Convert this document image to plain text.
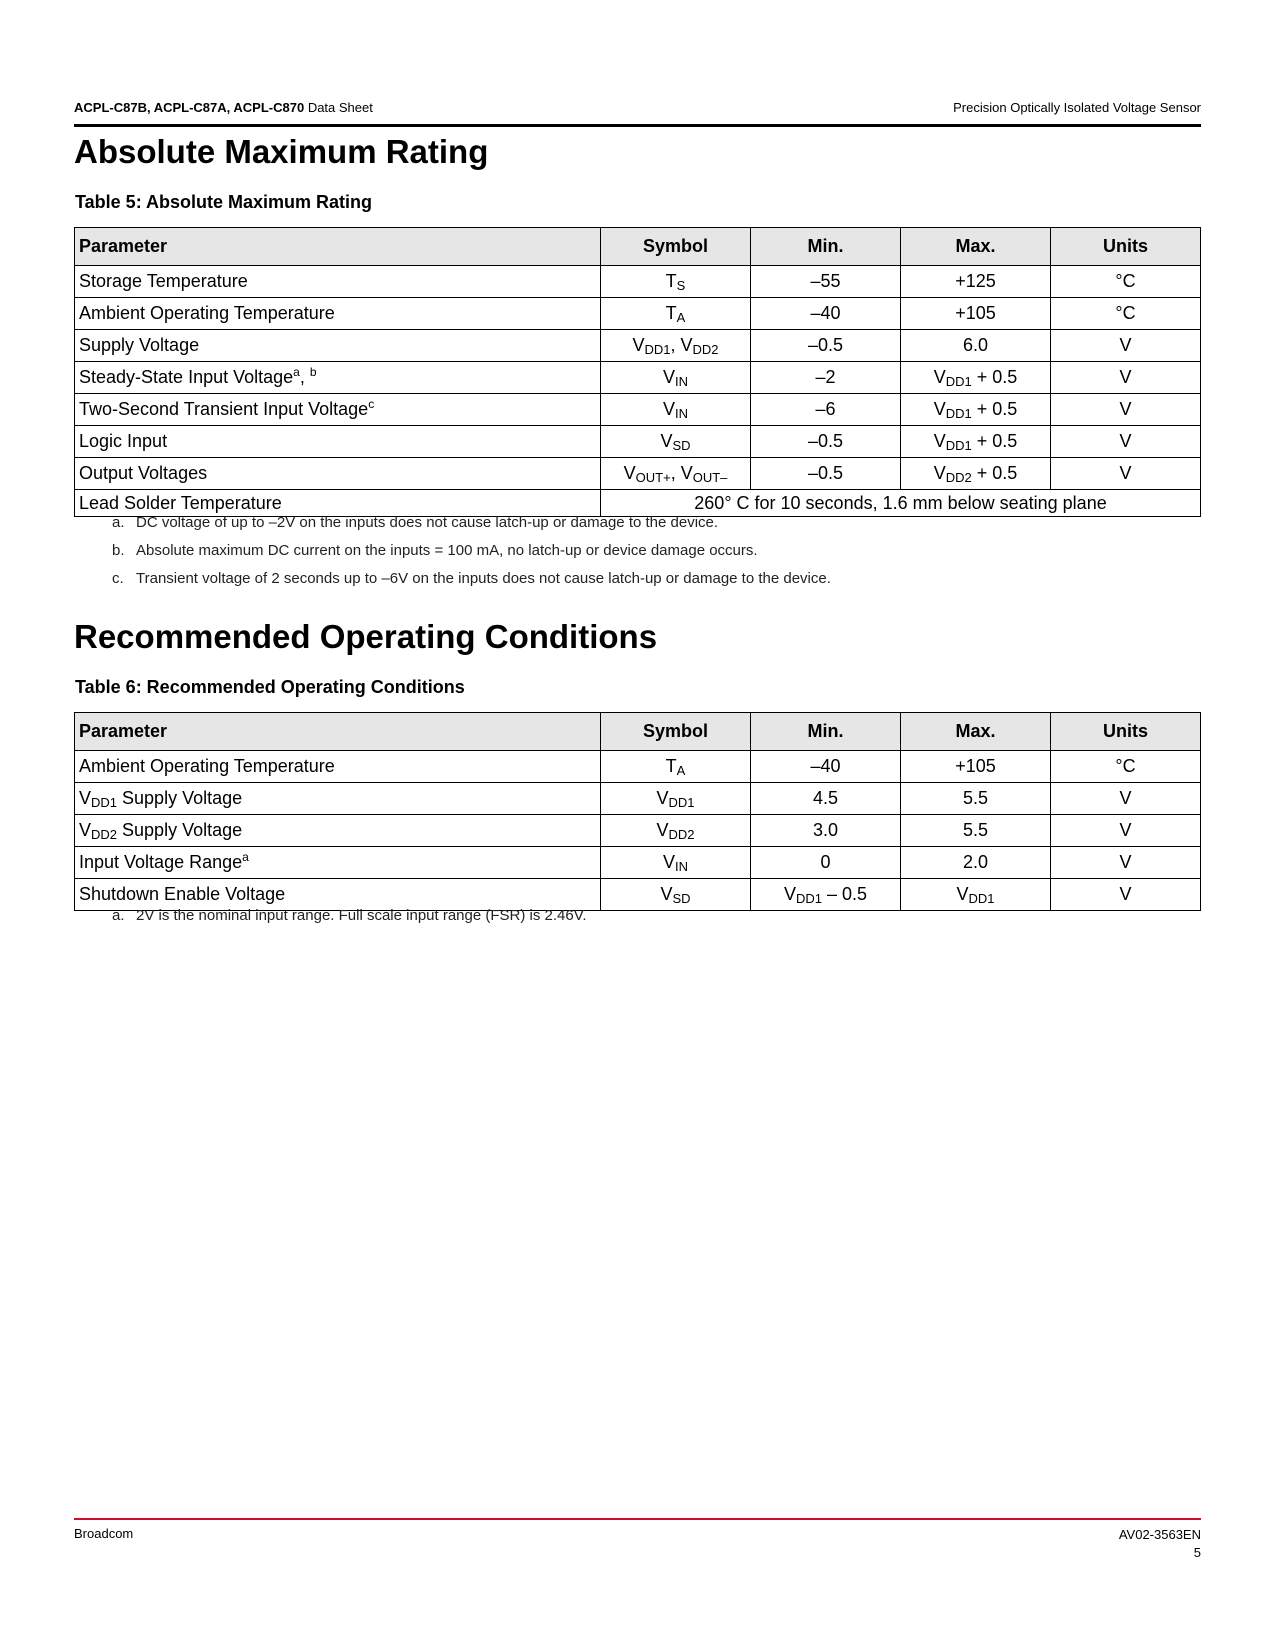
ACPL-C87B, ACPL-C87A, ACPL-C870 Data Sheet	Precision Optically Isolated Voltage Sensor
Absolute Maximum Rating
Table 5: Absolute Maximum Rating
Parameter	Symbol	Min.	Max.	Units
Storage Temperature	$T_S$	–55	+125	°C
Ambient Operating Temperature	$T_A$	–40	+105	°C
Supply Voltage	$V_{DD1}$, $V_{DD2}$	–0.5	6.0	V
Steady-State Input Voltage$^a$, $^b$	$V_{IN}$	–2	$V_{DD1} + 0.5$	V
Two-Second Transient Input Voltage$^c$	$V_{IN}$	–6	$V_{DD1} + 0.5$	V
Logic Input	$V_{SD}$	–0.5	$V_{DD1} + 0.5$	V
Output Voltages	$V_{OUT+}$, $V_{OUT-}$	–0.5	$V_{DD2} + 0.5$	V
Lead Solder Temperature	260° C for 10 seconds, 1.6 mm below seating plane			
a. DC voltage of up to –2V on the inputs does not cause latch-up or damage to the device.
b. Absolute maximum DC current on the inputs = 100 mA, no latch-up or device damage occurs.
c. Transient voltage of 2 seconds up to –6V on the inputs does not cause latch-up or damage to the device.
Recommended Operating Conditions
Table 6: Recommended Operating Conditions
Parameter	Symbol	Min.	Max.	Units
Ambient Operating Temperature	$T_A$	–40	+105	°C
$V_{DD1}$ Supply Voltage	$V_{DD1}$	4.5	5.5	V
$V_{DD2}$ Supply Voltage	$V_{DD2}$	3.0	5.5	V
Input Voltage Range$^a$	$V_{IN}$	0	2.0	V
Shutdown Enable Voltage	$V_{SD}$	$V_{DD1} - 0.5$	$V_{DD1}$	V
a. 2V is the nominal input range. Full scale input range (FSR) is 2.46V.
Broadcom	AV02-3563EN
5
